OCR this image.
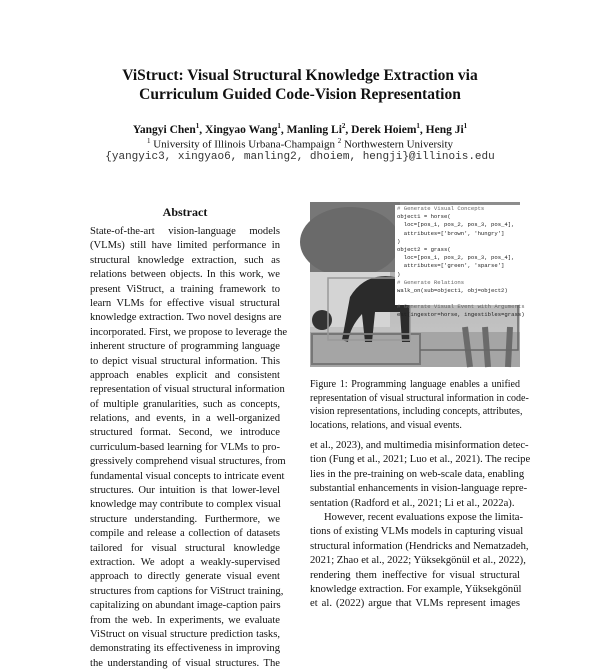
ViStruct: Visual Structural Knowledge Extraction via
Curriculum Guided Code-Vision Representation
Yangyi Chen$^1$, Xingyao Wang$^1$, Manling Li$^2$, Derek Hoiem$^1$, Heng Ji$^1$
$^1$ University of Illinois Urbana-Champaign $^2$ Northwestern University
{yangyic3, xingyao6, manling2, dhoiem, hengji}@illinois.edu
Abstract
State-of-the-art vision-language models
(VLMs) still have limited performance in
structural knowledge extraction, such as
relations between objects. In this work, we
present ViStruct, a training framework to
learn VLMs for effective visual structural
knowledge extraction. Two novel designs are
incorporated. First, we propose to leverage the
inherent structure of programming language
to depict visual structural information. This
approach enables explicit and consistent
representation of visual structural information
of multiple granularities, such as concepts,
relations, and events, in a well-organized
structured format. Second, we introduce
curriculum-based learning for VLMs to pro-
gressively comprehend visual structures, from
fundamental visual concepts to intricate event
structures. Our intuition is that lower-level
knowledge may contribute to complex visual
structure understanding. Furthermore, we
compile and release a collection of datasets
tailored for visual structural knowledge
extraction. We adopt a weakly-supervised
approach to directly generate visual event
structures from captions for ViStruct training,
capitalizing on abundant image-caption pairs
from the web. In experiments, we evaluate
ViStruct on visual structure prediction tasks,
demonstrating its effectiveness in improving
the understanding of visual structures. The
# Generate Visual Concepts
object1 = horse(
loc=[pos_1, pos_2, pos_3, pos_4],
attributes=['brown', 'hungry']
)
object2 = grass(
loc=[pos_1, pos_2, pos_3, pos_4],
attributes=['green', 'sparse']
)
# Generate Relations
walk_on(sub=object1, obj=object2)
# Generate Visual Event with Arguments
eat(ingestor=horse, ingestibles=grass)
Figure 1: Programming language enables a unified
representation of visual structural information in code-
vision representations, including concepts, attributes,
locations, relations, and visual events.
et al., 2023), and multimedia misinformation detec-
tion (Fung et al., 2021; Luo et al., 2021). The recipe
lies in the pre-training on web-scale data, enabling
substantial enhancements in vision-language repre-
sentation (Radford et al., 2021; Li et al., 2022a).
However, recent evaluations expose the limita-
tions of existing VLMs models in capturing visual
structural information (Hendricks and Nematzadeh,
2021; Zhao et al., 2022; Yüksekgönül et al., 2022),
rendering them ineffective for visual structural
knowledge extraction. For example, Yüksekgönül
et al. (2022) argue that VLMs represent images
